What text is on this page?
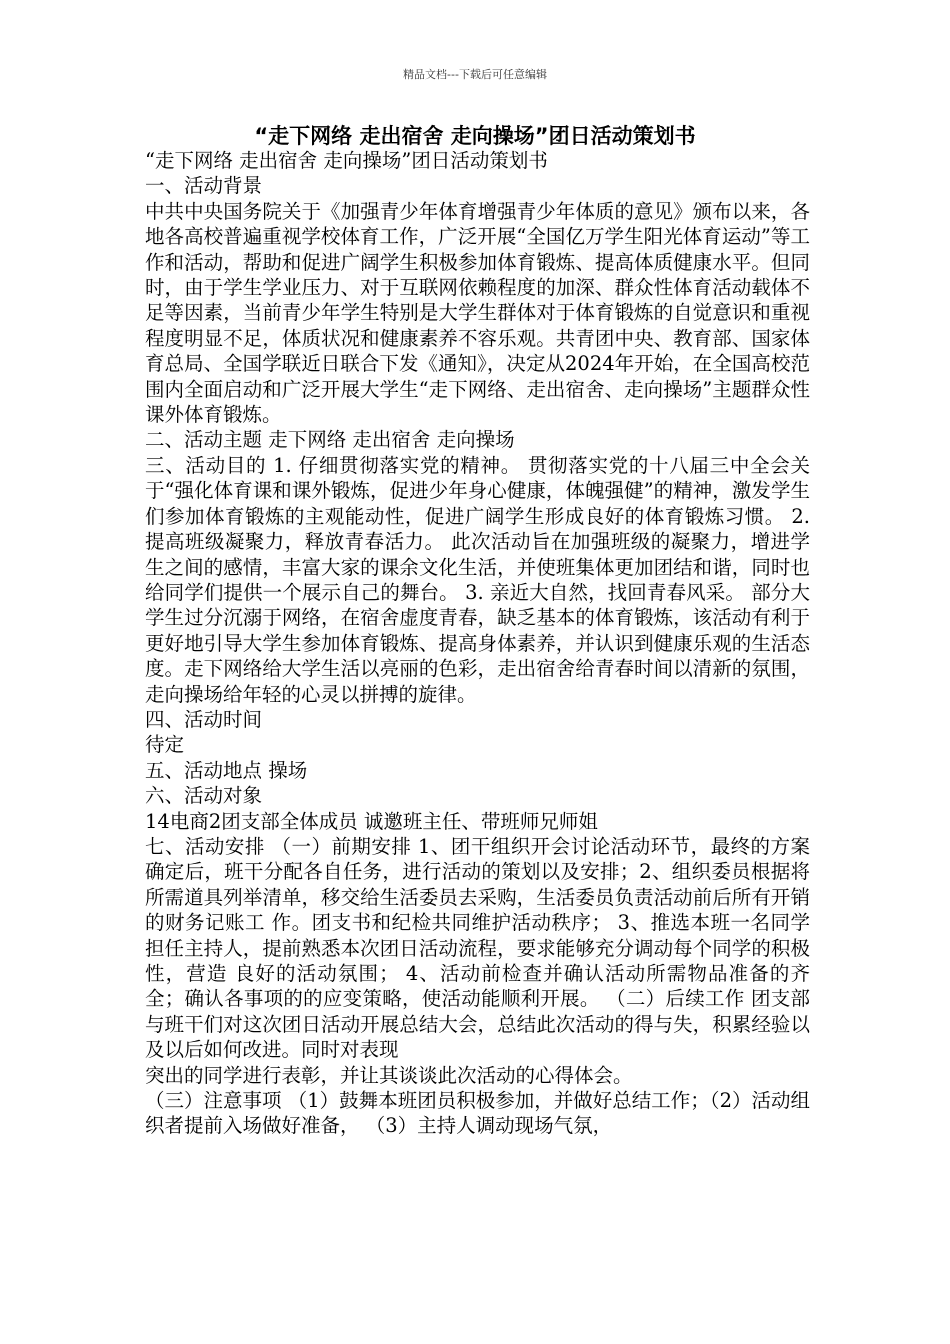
精品文档---下载后可任意编辑
“走下网络 走出宿舍 走向操场”团日活动策划书

“走下网络 走出宿舍 走向操场”团日活动策划书

一、活动背景

中共中央国务院关于《加强青少年体育增强青少年体质的意见》颁布以来，各地各高校普遍重视学校体育工作，广泛开展“全国亿万学生阳光体育运动”等工作和活动，帮助和促进广阔学生积极参加体育锻炼、提高体质健康水平。但同时，由于学生学业压力、对于互联网依赖程度的加深、群众性体育活动载体不足等因素，当前青少年学生特别是大学生群体对于体育锻炼的自觉意识和重视程度明显不足，体质状况和健康素养不容乐观。共青团中央、教育部、国家体育总局、全国学联近日联合下发《通知》，决定从2024年开始，在全国高校范围内全面启动和广泛开展大学生“走下网络、走出宿舍、走向操场”主题群众性课外体育锻炼。

二、活动主题 走下网络 走出宿舍 走向操场

三、活动目的 1. 仔细贯彻落实党的精神。 贯彻落实党的十八届三中全会关于“强化体育课和课外锻炼，促进少年身心健康，体魄强健”的精神，激发学生们参加体育锻炼的主观能动性，促进广阔学生形成良好的体育锻炼习惯。 2. 提高班级凝聚力，释放青春活力。 此次活动旨在加强班级的凝聚力，增进学生之间的感情，丰富大家的课余文化生活，并使班集体更加团结和谐，同时也给同学们提供一个展示自己的舞台。 3. 亲近大自然，找回青春风采。 部分大学生过分沉溺于网络，在宿舍虚度青春，缺乏基本的体育锻炼，该活动有利于更好地引导大学生参加体育锻炼、提高身体素养，并认识到健康乐观的生活态度。走下网络给大学生活以亮丽的色彩，走出宿舍给青春时间以清新的氛围，走向操场给年轻的心灵以拼搏的旋律。

四、活动时间

待定

五、活动地点 操场

六、活动对象

14电商2团支部全体成员 诚邀班主任、带班师兄师姐

七、活动安排 （一）前期安排 1、团干组织开会讨论活动环节，最终的方案确定后，班干分配各自任务，进行活动的策划以及安排；2、组织委员根据将所需道具列举清单，移交给生活委员去采购，生活委员负责活动前后所有开销的财务记账工 作。团支书和纪检共同维护活动秩序； 3、推选本班一名同学担任主持人，提前熟悉本次团日活动流程，要求能够充分调动每个同学的积极性，营造 良好的活动氛围； 4、活动前检查并确认活动所需物品准备的齐全；确认各事项的的应变策略，使活动能顺利开展。 （二）后续工作 团支部与班干们对这次团日活动开展总结大会，总结此次活动的得与失，积累经验以及以后如何改进。同时对表现

突出的同学进行表彰，并让其谈谈此次活动的心得体会。

（三）注意事项 （1）鼓舞本班团员积极参加，并做好总结工作；（2）活动组织者提前入场做好准备， （3）主持人调动现场气氛，
